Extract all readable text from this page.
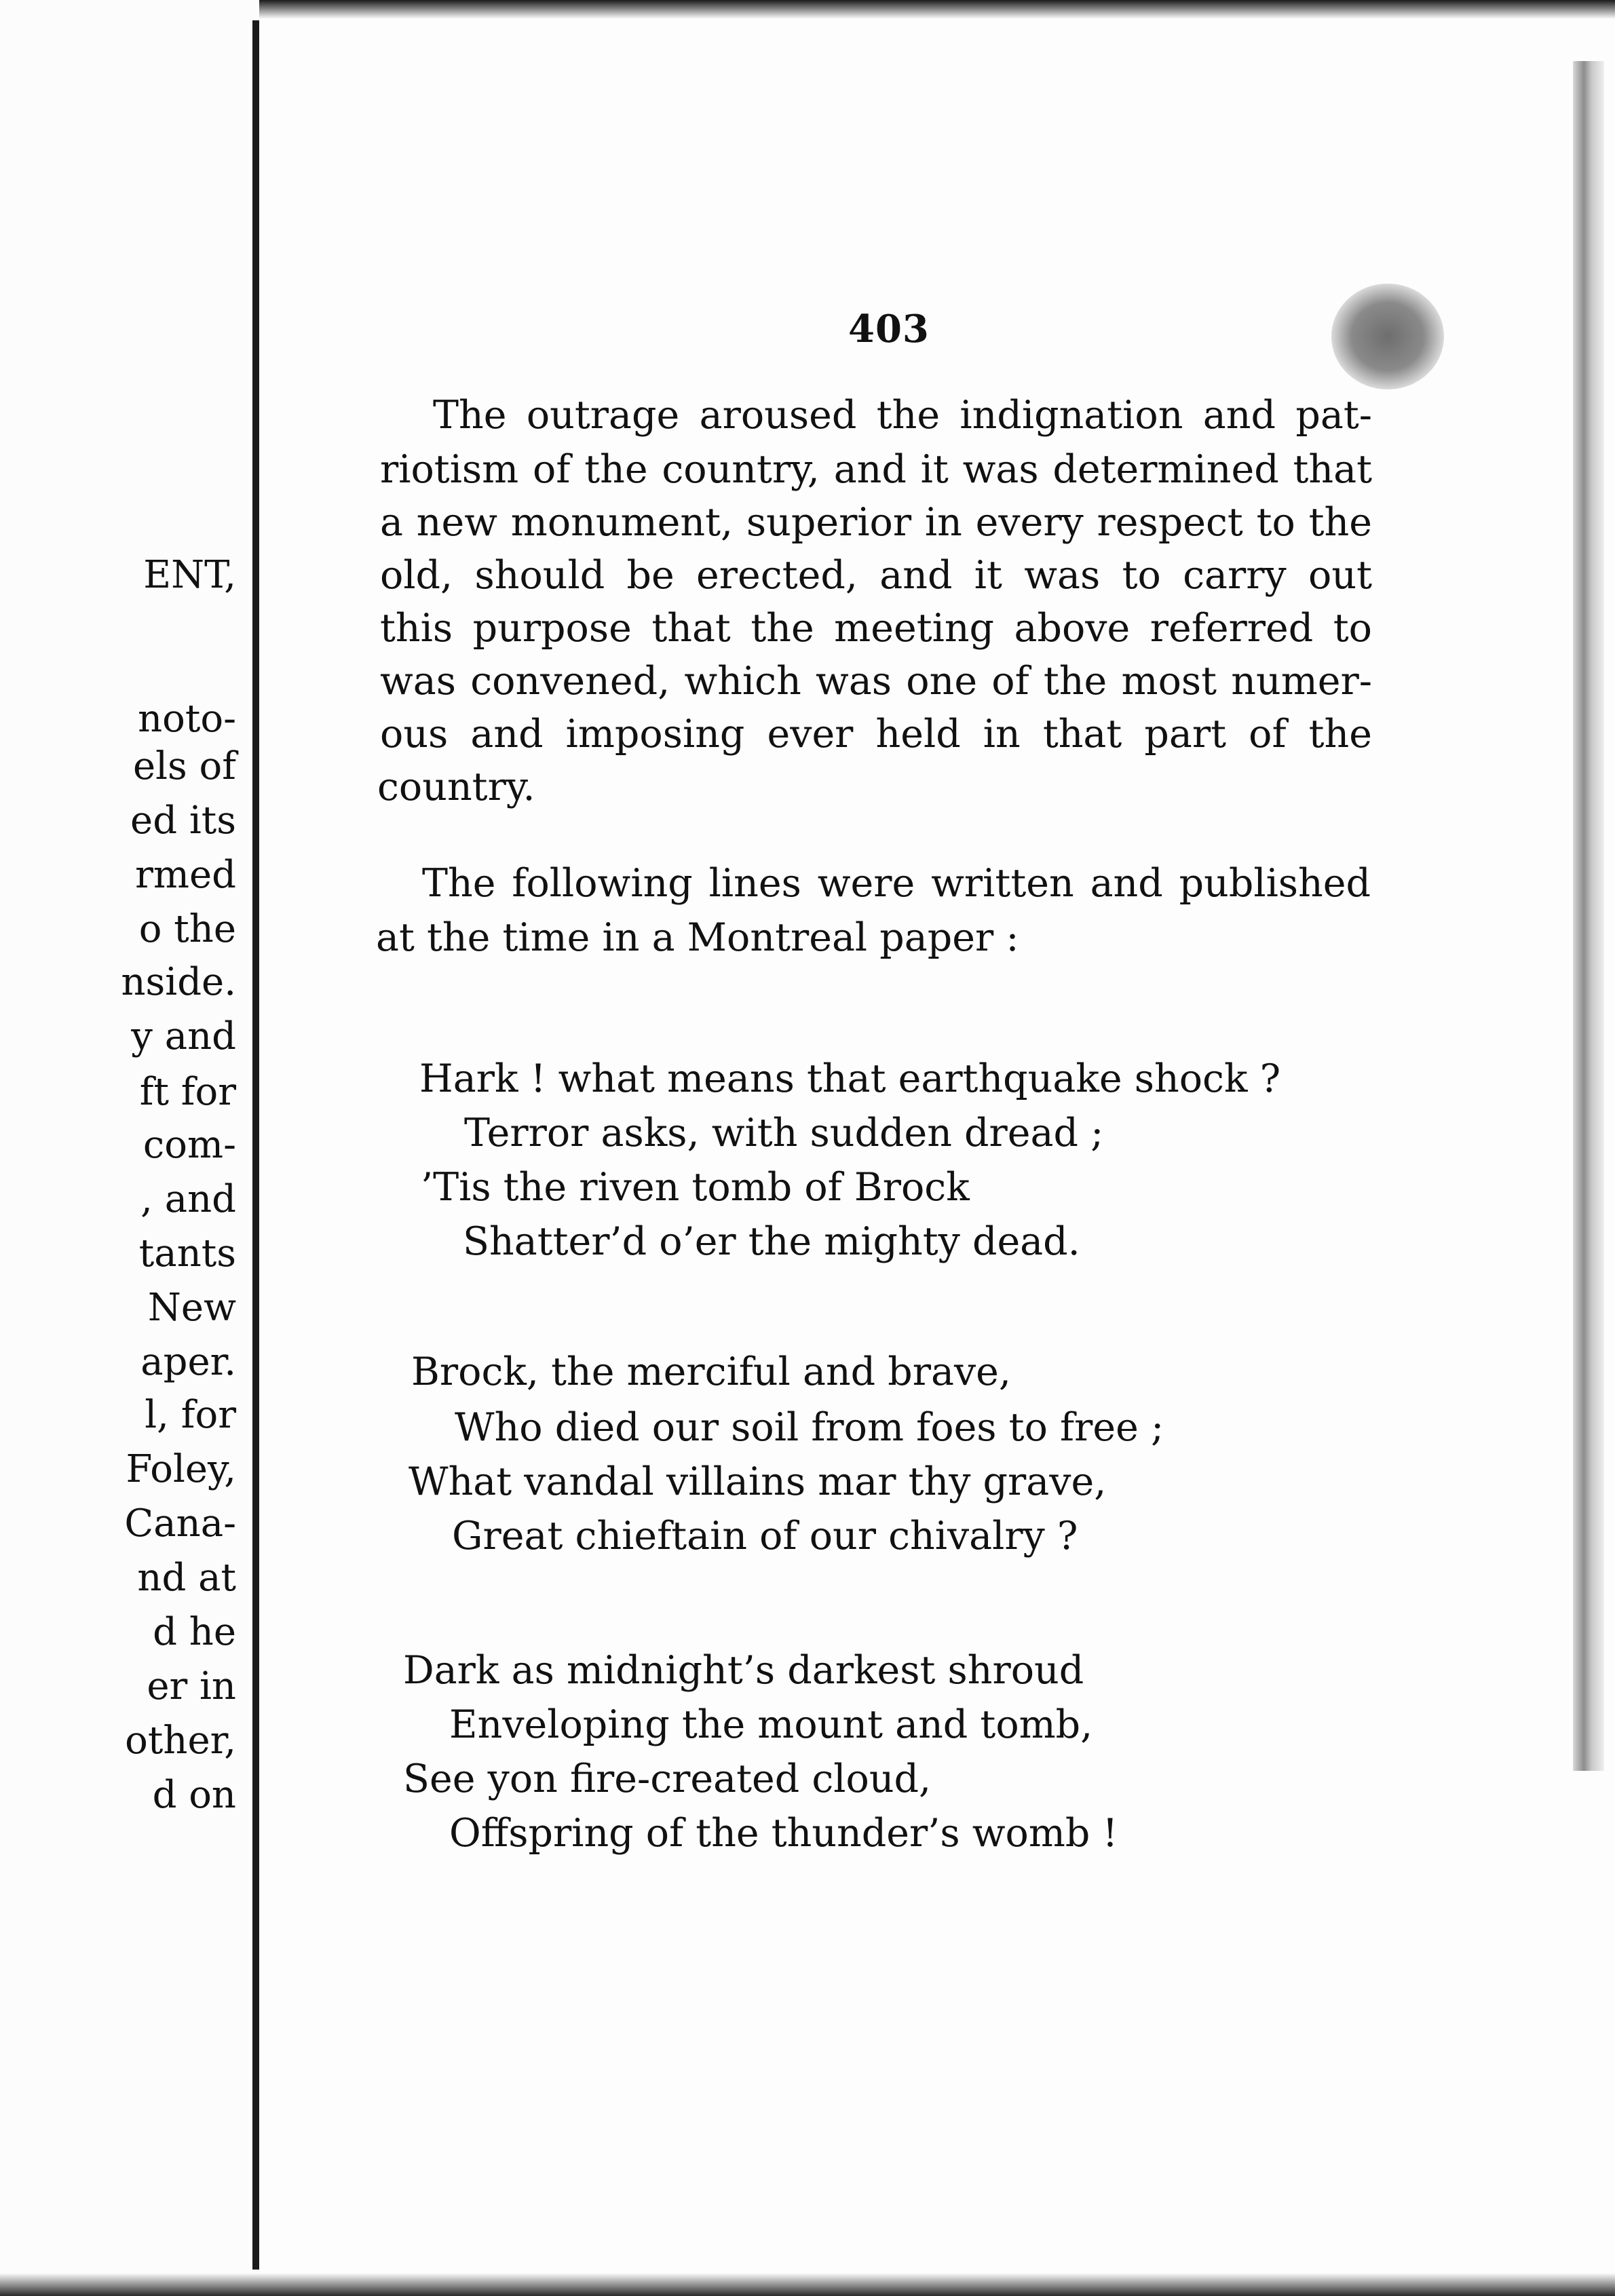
ENT,
noto-
els of
ed its
rmed
o the
nside.
y and
ft for
com-
, and
tants
New
aper.
l, for
Foley,
Cana-
nd at
d he
er in
other,
d on
403
The outrage aroused the indignation and pat-
riotism of the country, and it was determined that
a new monument, superior in every respect to the
old, should be erected, and it was to carry out
this purpose that the meeting above referred to
was convened, which was one of the most numer-
ous and imposing ever held in that part of the
country.
The following lines were written and published
at the time in a Montreal paper :
Hark ! what means that earthquake shock ?
Terror asks, with sudden dread ;
’Tis the riven tomb of Brock
Shatter’d o’er the mighty dead.
Brock, the merciful and brave,
Who died our soil from foes to free ;
What vandal villains mar thy grave,
Great chieftain of our chivalry ?
Dark as midnight’s darkest shroud
Enveloping the mount and tomb,
See yon fire-created cloud,
Offspring of the thunder’s womb !
